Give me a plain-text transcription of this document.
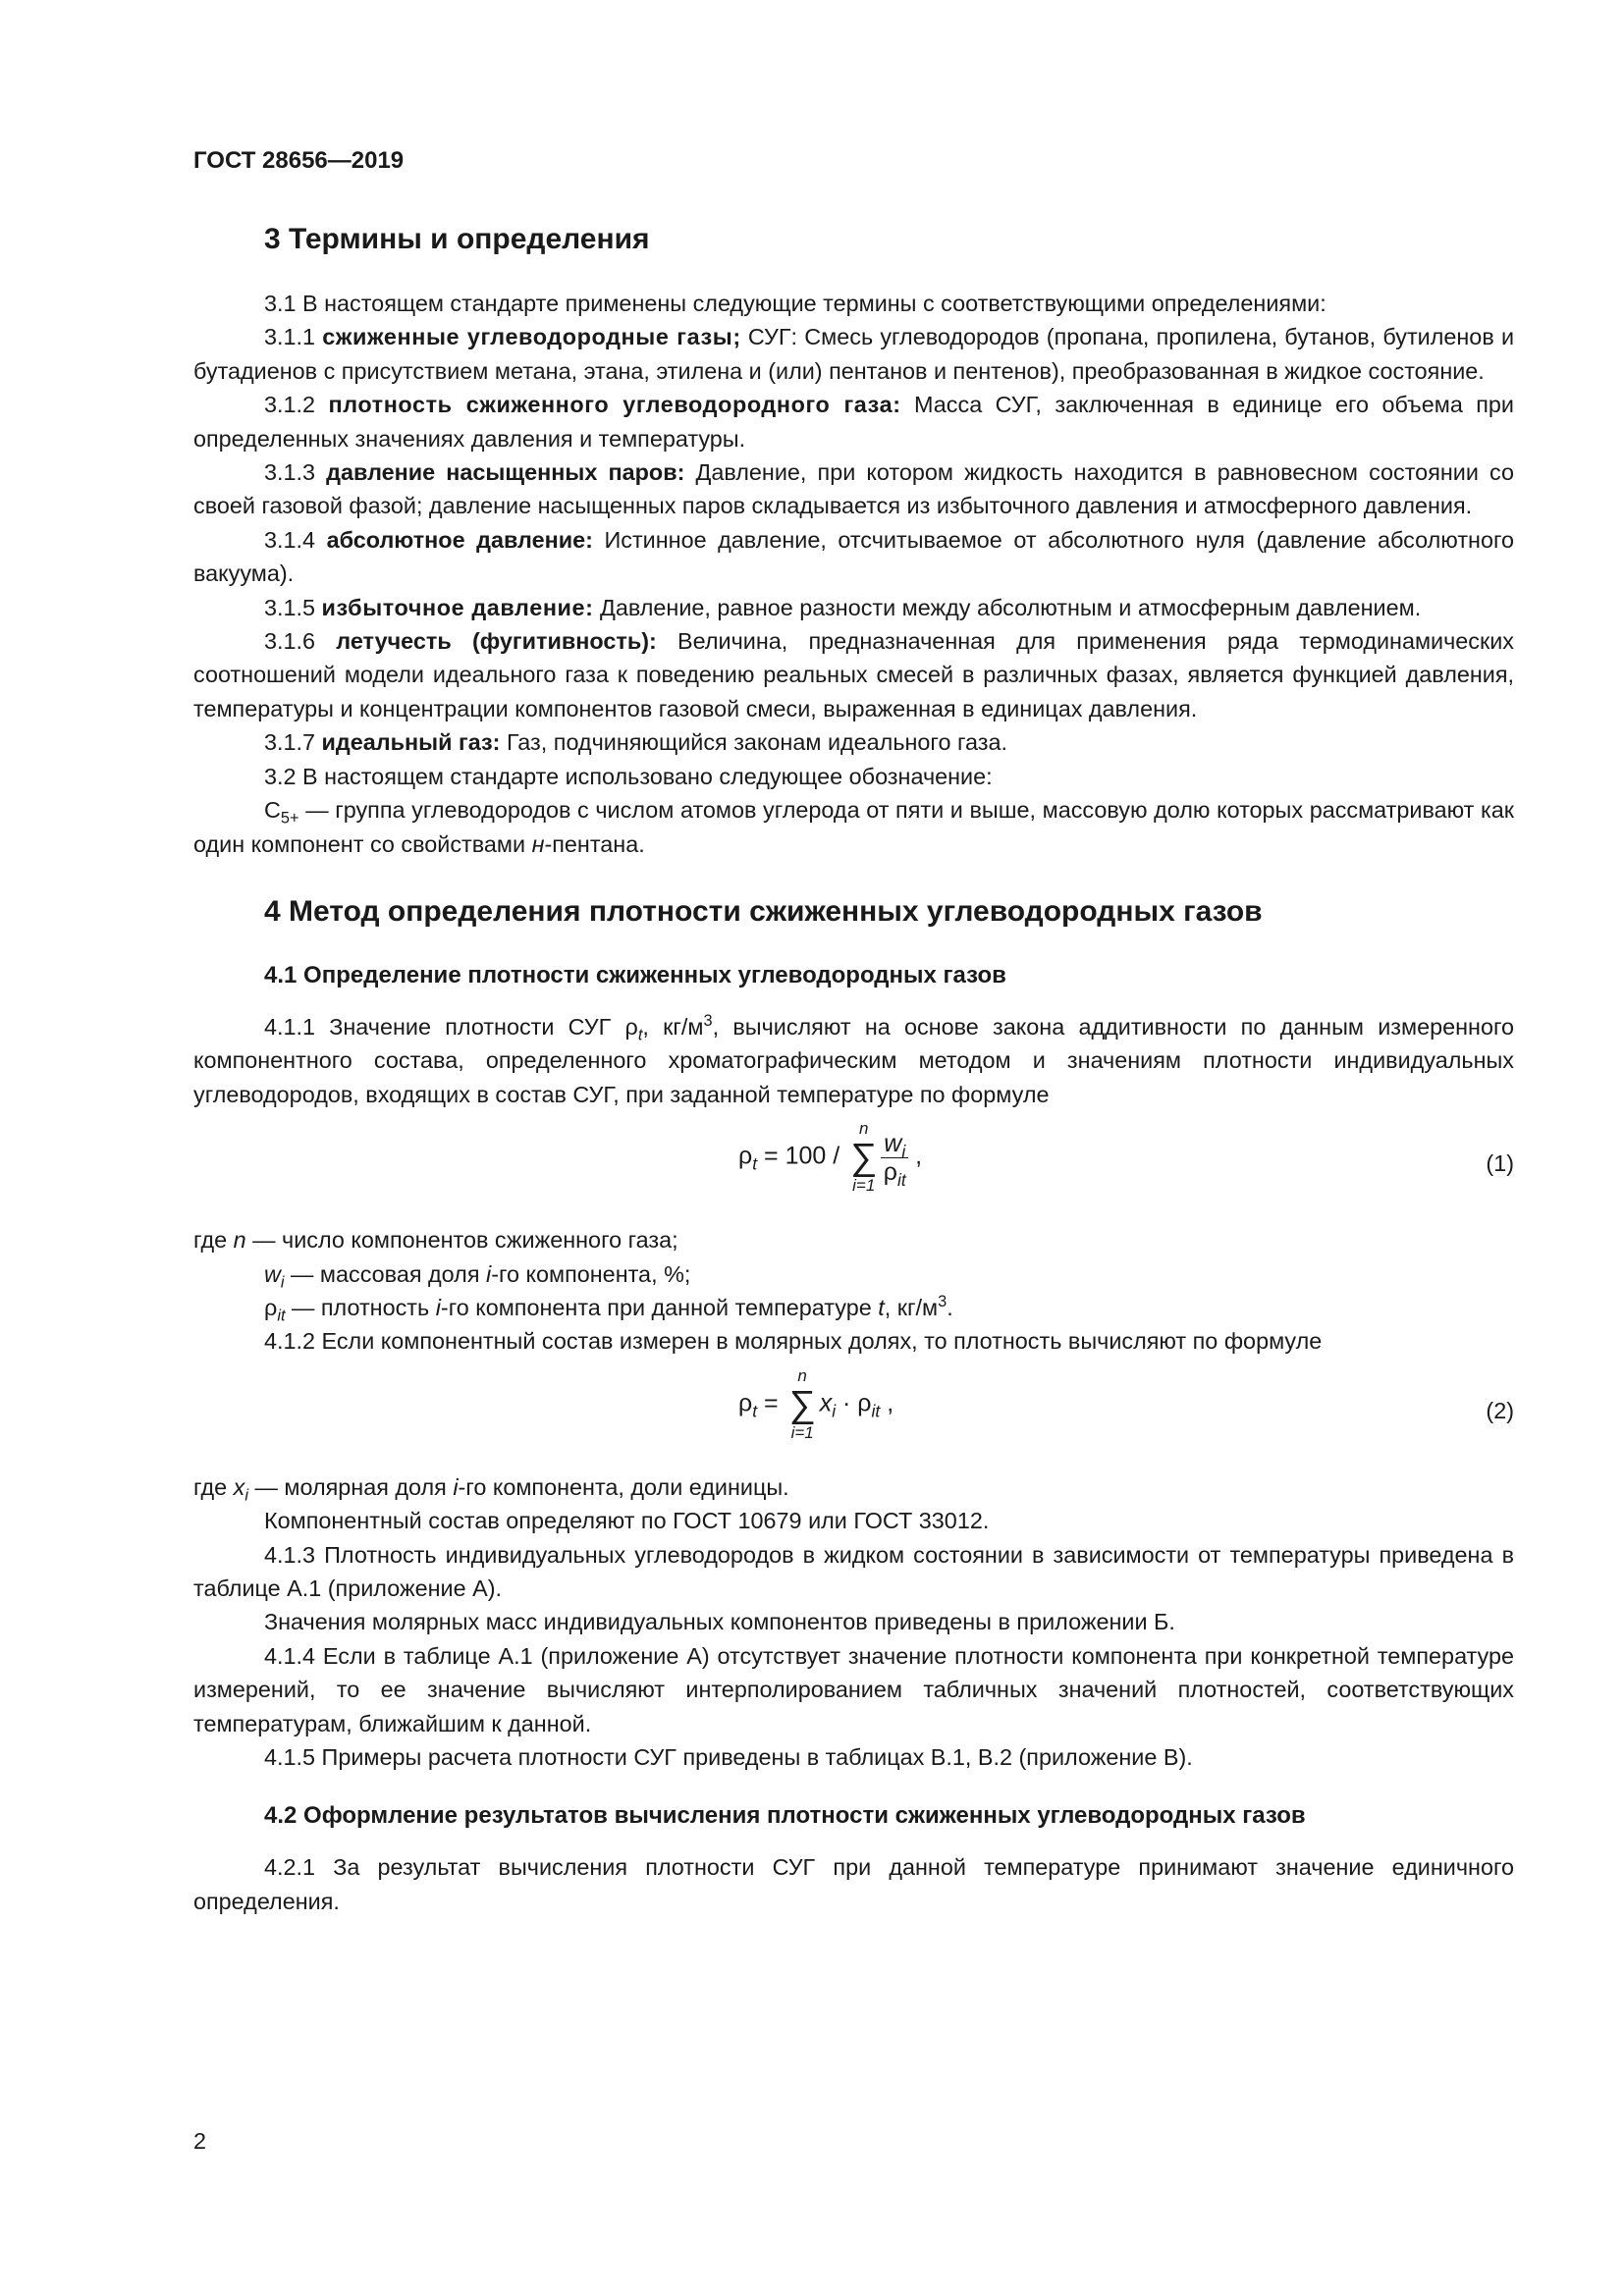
ГОСТ 28656—2019
3 Термины и определения

3.1 В настоящем стандарте применены следующие термины с соответствующими определениями:

3.1.1 сжиженные углеводородные газы; СУГ: Смесь углеводородов (пропана, пропилена, бутанов, бутиленов и бутадиенов с присутствием метана, этана, этилена и (или) пентанов и пентенов), преобразованная в жидкое состояние.

3.1.2 плотность сжиженного углеводородного газа: Масса СУГ, заключенная в единице его объема при определенных значениях давления и температуры.

3.1.3 давление насыщенных паров: Давление, при котором жидкость находится в равновесном состоянии со своей газовой фазой; давление насыщенных паров складывается из избыточного давления и атмосферного давления.

3.1.4 абсолютное давление: Истинное давление, отсчитываемое от абсолютного нуля (давление абсолютного вакуума).

3.1.5 избыточное давление: Давление, равное разности между абсолютным и атмосферным давлением.

3.1.6 летучесть (фугитивность): Величина, предназначенная для применения ряда термодинамических соотношений модели идеального газа к поведению реальных смесей в различных фазах, является функцией давления, температуры и концентрации компонентов газовой смеси, выраженная в единицах давления.

3.1.7 идеальный газ: Газ, подчиняющийся законам идеального газа.

3.2 В настоящем стандарте использовано следующее обозначение:

$C_{5+}$ — группа углеводородов с числом атомов углерода от пяти и выше, массовую долю которых рассматривают как один компонент со свойствами н-пентана.

4 Метод определения плотности сжиженных углеводородных газов
4.1 Определение плотности сжиженных углеводородных газов

4.1.1 Значение плотности СУГ $\rho_t$, $кг/м^3$, вычисляют на основе закона аддитивности по данным измеренного компонентного состава, определенного хроматографическим методом и значениям плотности индивидуальных углеводородов, входящих в состав СУГ, при заданной температуре по формуле

$\rho_t = 100$ /
n
∑
$i=1 \frac{w_i}{\rho_{it}}$ ,	(1)

где n — число компонентов сжиженного газа;

$w_i$ — массовая доля i-го компонента, %;

$\rho_{it}$ — плотность i-го компонента при данной температуре t, $кг/м^3$.

4.1.2 Если компонентный состав измерен в молярных долях, то плотность вычисляют по формуле

$\rho_t$ =
n
∑
i=1
$x_i \cdot \rho_{it}$ ,	(2)

где $x_i$ — молярная доля i-го компонента, доли единицы.

Компонентный состав определяют по ГОСТ 10679 или ГОСТ 33012.

4.1.3 Плотность индивидуальных углеводородов в жидком состоянии в зависимости от температуры приведена в таблице А.1 (приложение А).

Значения молярных масс индивидуальных компонентов приведены в приложении Б.

4.1.4 Если в таблице А.1 (приложение А) отсутствует значение плотности компонента при конкретной температуре измерений, то ее значение вычисляют интерполированием табличных значений плотностей, соответствующих температурам, ближайшим к данной.

4.1.5 Примеры расчета плотности СУГ приведены в таблицах В.1, В.2 (приложение В).

4.2 Оформление результатов вычисления плотности сжиженных углеводородных газов

4.2.1 За результат вычисления плотности СУГ при данной температуре принимают значение единичного определения.

2
